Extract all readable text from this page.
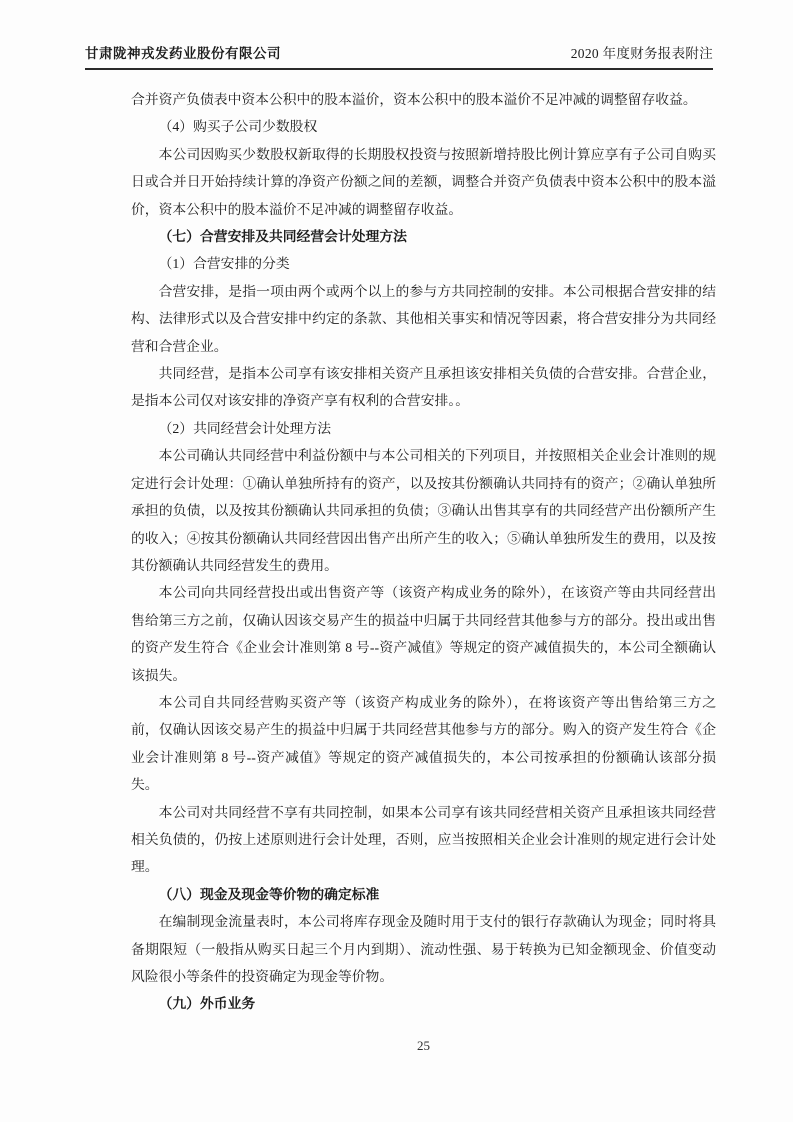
甘肃陇神戎发药业股份有限公司	2020 年度财务报表附注

合并资产负债表中资本公积中的股本溢价，资本公积中的股本溢价不足冲减的调整留存收益。

（4）购买子公司少数股权

本公司因购买少数股权新取得的长期股权投资与按照新增持股比例计算应享有子公司自购买日或合并日开始持续计算的净资产份额之间的差额，调整合并资产负债表中资本公积中的股本溢价，资本公积中的股本溢价不足冲减的调整留存收益。

（七）合营安排及共同经营会计处理方法

（1）合营安排的分类

合营安排，是指一项由两个或两个以上的参与方共同控制的安排。本公司根据合营安排的结构、法律形式以及合营安排中约定的条款、其他相关事实和情况等因素，将合营安排分为共同经营和合营企业。

共同经营，是指本公司享有该安排相关资产且承担该安排相关负债的合营安排。合营企业，是指本公司仅对该安排的净资产享有权利的合营安排。。

（2）共同经营会计处理方法

本公司确认共同经营中利益份额中与本公司相关的下列项目，并按照相关企业会计准则的规定进行会计处理：①确认单独所持有的资产，以及按其份额确认共同持有的资产；②确认单独所承担的负债，以及按其份额确认共同承担的负债；③确认出售其享有的共同经营产出份额所产生的收入；④按其份额确认共同经营因出售产出所产生的收入；⑤确认单独所发生的费用，以及按其份额确认共同经营发生的费用。

本公司向共同经营投出或出售资产等（该资产构成业务的除外），在该资产等由共同经营出售给第三方之前，仅确认因该交易产生的损益中归属于共同经营其他参与方的部分。投出或出售的资产发生符合《企业会计准则第 8 号--资产减值》等规定的资产减值损失的，本公司全额确认该损失。

本公司自共同经营购买资产等（该资产构成业务的除外），在将该资产等出售给第三方之前，仅确认因该交易产生的损益中归属于共同经营其他参与方的部分。购入的资产发生符合《企业会计准则第 8 号--资产减值》等规定的资产减值损失的，本公司按承担的份额确认该部分损失。

本公司对共同经营不享有共同控制，如果本公司享有该共同经营相关资产且承担该共同经营相关负债的，仍按上述原则进行会计处理，否则，应当按照相关企业会计准则的规定进行会计处理。

（八）现金及现金等价物的确定标准

在编制现金流量表时，本公司将库存现金及随时用于支付的银行存款确认为现金；同时将具备期限短（一般指从购买日起三个月内到期）、流动性强、易于转换为已知金额现金、价值变动风险很小等条件的投资确定为现金等价物。

（九）外币业务

25
